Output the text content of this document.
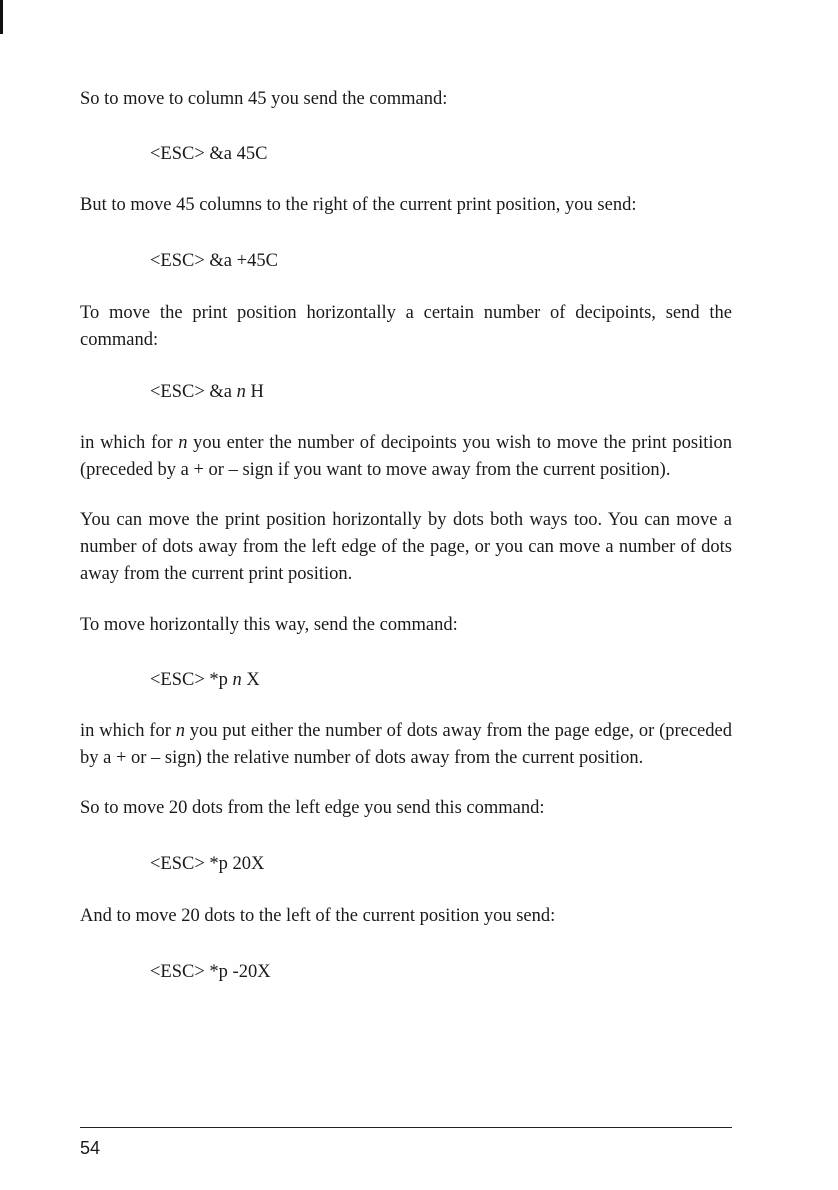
So to move to column 45 you send the command:

<ESC> &a 45C

But to move 45 columns to the right of the current print position, you send:

<ESC> &a +45C

To move the print position horizontally a certain number of decipoints, send the command:

<ESC> &a n H

in which for n you enter the number of decipoints you wish to move the print position (preceded by a + or – sign if you want to move away from the current position).

You can move the print position horizontally by dots both ways too. You can move a number of dots away from the left edge of the page, or you can move a number of dots away from the current print position.

To move horizontally this way, send the command:

<ESC> *p n X

in which for n you put either the number of dots away from the page edge, or (preceded by a + or – sign) the relative number of dots away from the current position.

So to move 20 dots from the left edge you send this command:

<ESC> *p 20X

And to move 20 dots to the left of the current position you send:

<ESC> *p -20X
54
